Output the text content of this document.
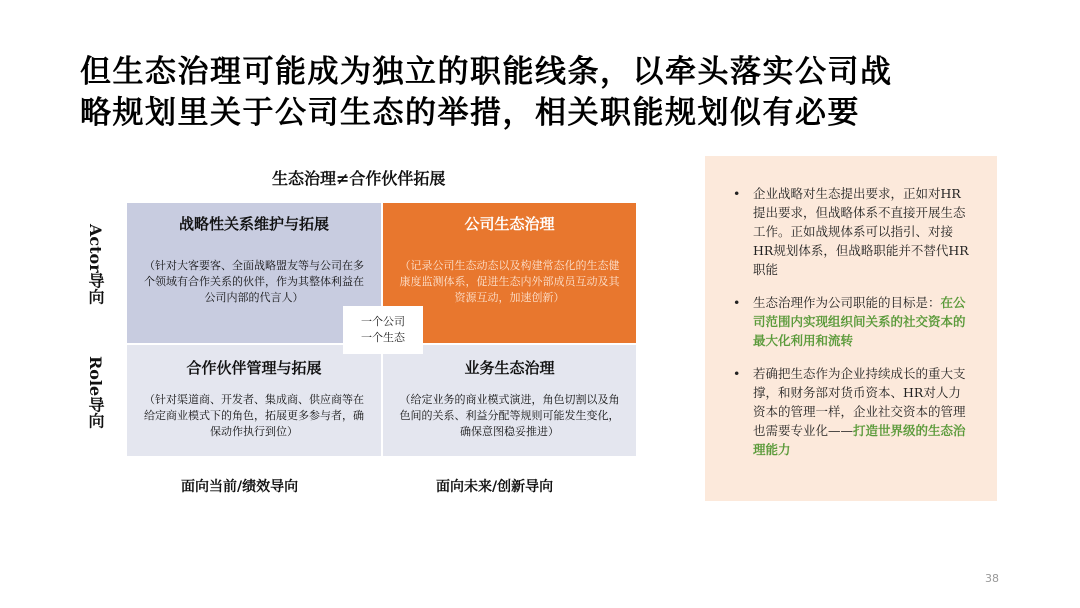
但生态治理可能成为独立的职能线条，以牵头落实公司战
略规划里关于公司生态的举措，相关职能规划似有必要
生态治理≠合作伙伴拓展
Actor导向
Role导向
战略性关系维护与拓展
（针对大客要客、全面战略盟友等与公司在多个领域有合作关系的伙伴，作为其整体利益在公司内部的代言人）
公司生态治理
（记录公司生态动态以及构建常态化的生态健康度监测体系，促进生态内外部成员互动及其资源互动，加速创新）
合作伙伴管理与拓展
（针对渠道商、开发者、集成商、供应商等在给定商业模式下的角色，拓展更多参与者，确保动作执行到位）
业务生态治理
（给定业务的商业模式演进，角色切割以及角色间的关系、利益分配等规则可能发生变化，确保意图稳妥推进）
一个公司
一个生态
面向当前/绩效导向	面向未来/创新导向
• 企业战略对生态提出要求，正如对HR提出要求，但战略体系不直接开展生态工作。正如战规体系可以指引、对接HR规划体系，但战略职能并不替代HR职能
• 生态治理作为公司职能的目标是：在公司范围内实现组织间关系的社交资本的最大化利用和流转
• 若确把生态作为企业持续成长的重大支撑，和财务部对货币资本、HR对人力资本的管理一样，企业社交资本的管理也需要专业化——打造世界级的生态治理能力
38
